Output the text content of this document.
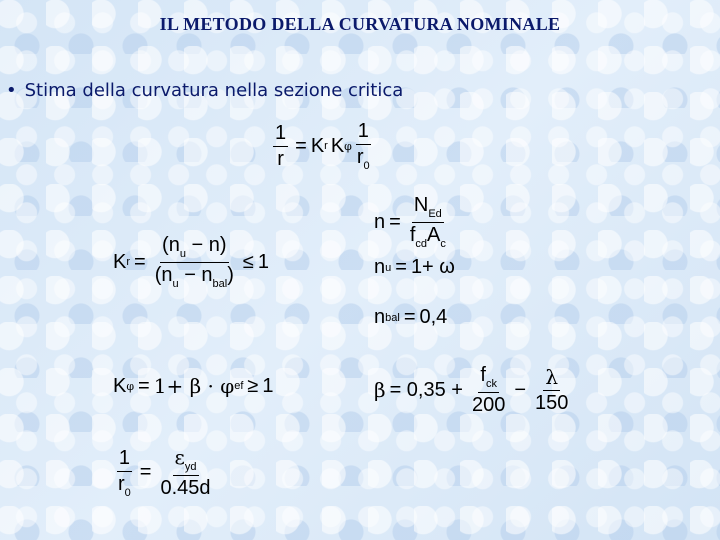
IL METODO DELLA CURVATURA NOMINALE
• Stima della curvatura nella sezione critica
$\frac{1}{r} = K$ r K φ $\frac{1}{r_0}$
$n = \frac{N_{Ed}}{f_{cd}A_c}$
K $r = \frac{(n_u - n)}{(n_u - n_{bal})} \le 1$	n u = 1+ ω
n bal = 0,4
K φ = 1+ β · φ ef ≥ 1	$\beta = 0,35 + \frac{f_{ck}}{200} - \frac{\lambda}{150}$
$\frac{1}{r_0} = \frac{\varepsilon_{yd}}{0.45d}$
